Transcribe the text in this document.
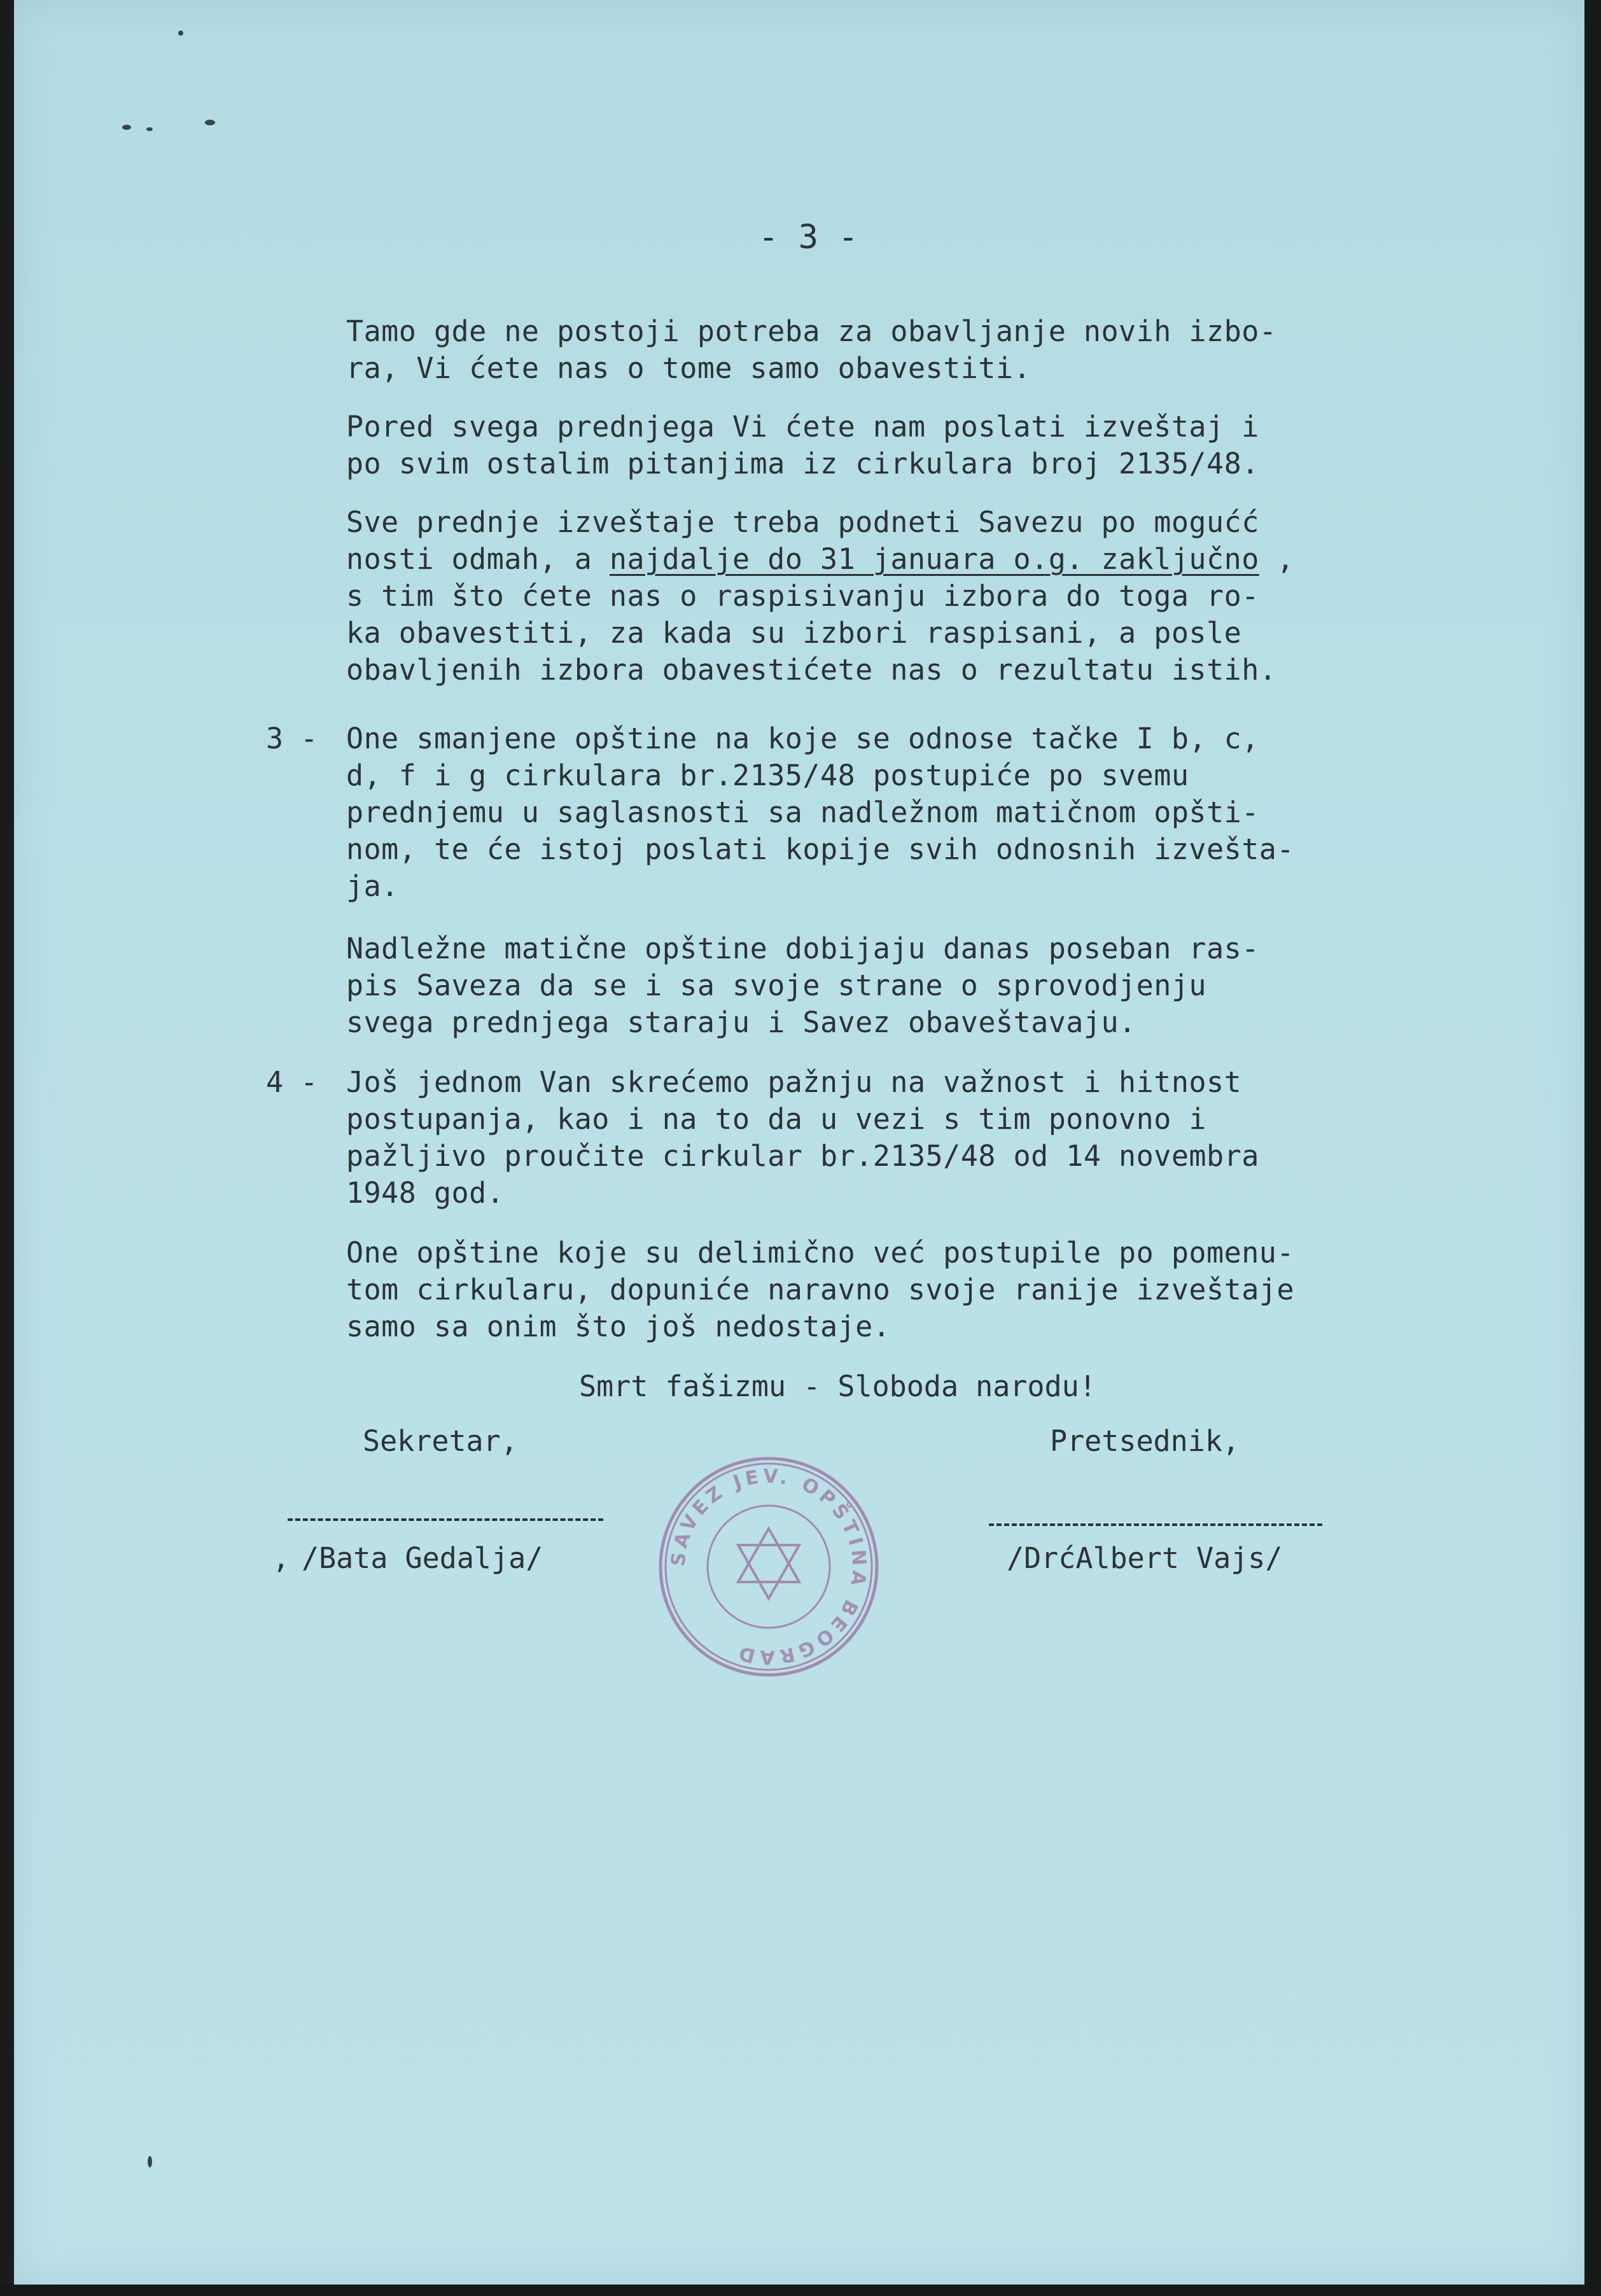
- 3 -
Tamo gde ne postoji potreba za obavljanje novih izbo-
ra, Vi ćete nas o tome samo obavestiti.
Pored svega prednjega Vi ćete nam poslati izveštaj i
po svim ostalim pitanjima iz cirkulara broj 2135/48.
Sve prednje izveštaje treba podneti Savezu po mogućć
nosti odmah, a najdalje do 31 januara o.g. zaključno ,
s tim što ćete nas o raspisivanju izbora do toga ro-
ka obavestiti, za kada su izbori raspisani, a posle
obavljenih izbora obavestićete nas o rezultatu istih.
3 - One smanjene opštine na koje se odnose tačke I b, c,
d, f i g cirkulara br.2135/48 postupiće po svemu
prednjemu u saglasnosti sa nadležnom matičnom opšti-
nom, te će istoj poslati kopije svih odnosnih izvešta-
ja.
Nadležne matične opštine dobijaju danas poseban ras-
pis Saveza da se i sa svoje strane o sprovodjenju
svega prednjega staraju i Savez obaveštavaju.
4 - Još jednom Van skrećemo pažnju na važnost i hitnost
postupanja, kao i na to da u vezi s tim ponovno i
pažljivo proučite cirkular br.2135/48 od 14 novembra
1948 god.
One opštine koje su delimično već postupile po pomenu-
tom cirkularu, dopuniće naravno svoje ranije izveštaje
samo sa onim što još nedostaje.
Smrt fašizmu - Sloboda narodu!
Sekretar,	Pretsednik,
, /Bata Gedalja/	/DrćAlbert Vajs/
SAVEZ JEV. OPŠTINA BEOGRAD
